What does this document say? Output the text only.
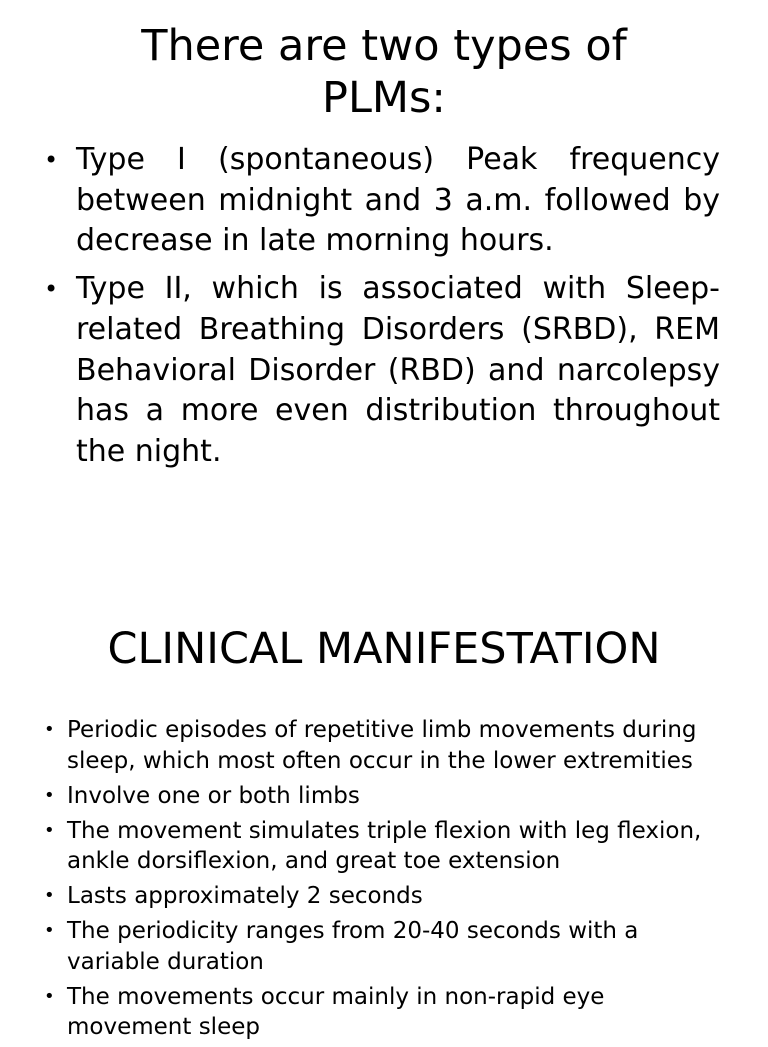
There are two types of
PLMs:
• Type I (spontaneous) Peak frequency between midnight and 3 a.m. followed by decrease in late morning hours.
• Type II, which is associated with Sleep-related Breathing Disorders (SRBD), REM Behavioral Disorder (RBD) and narcolepsy has a more even distribution throughout the night.
CLINICAL MANIFESTATION
• Periodic episodes of repetitive limb movements during sleep, which most often occur in the lower extremities
• Involve one or both limbs
• The movement simulates triple flexion with leg flexion, ankle dorsiflexion, and great toe extension
• Lasts approximately 2 seconds
• The periodicity ranges from 20-40 seconds with a variable duration
• The movements occur mainly in non-rapid eye movement sleep
